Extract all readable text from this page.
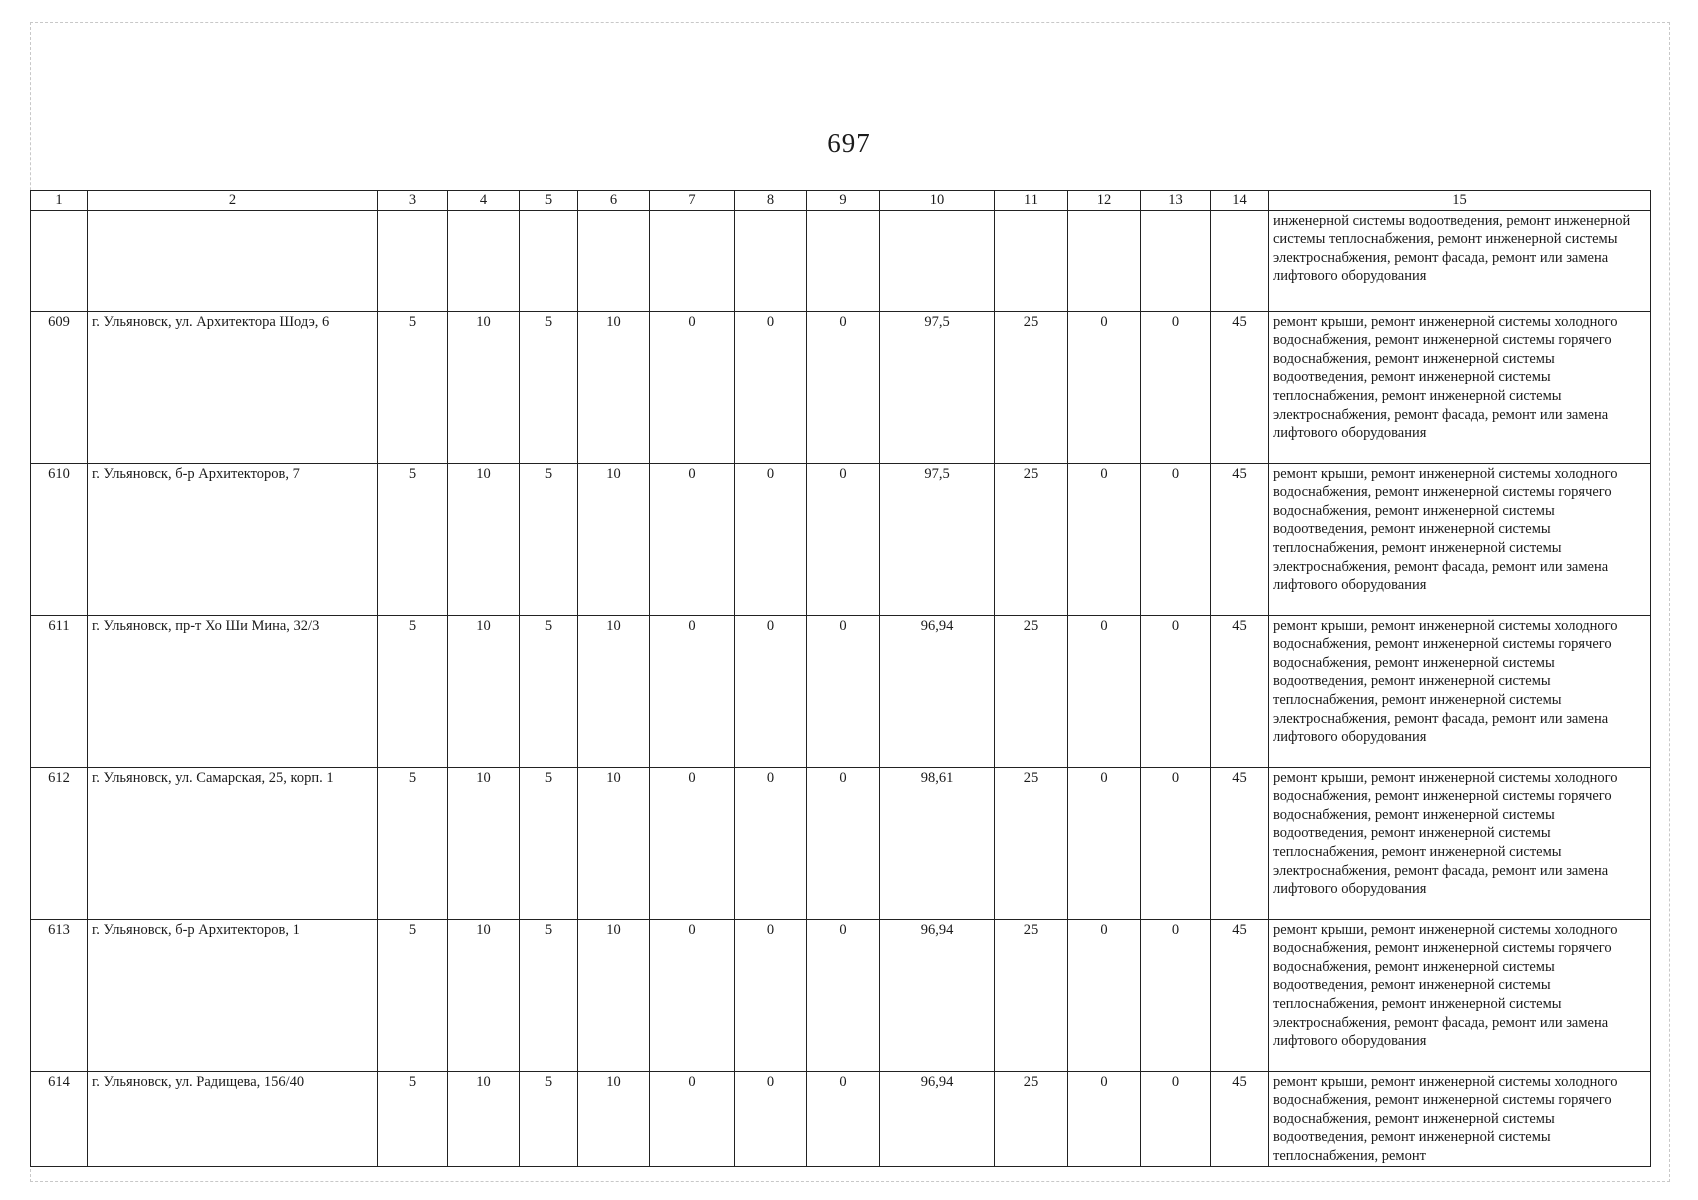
697
1	2	3	4	5	6	7	8	9	10	11	12	13	14	15
														инженерной системы водоотведения, ремонт инженерной системы теплоснабжения, ремонт инженерной системы электроснабжения, ремонт фасада, ремонт или замена лифтового оборудования
609	г. Ульяновск, ул. Архитектора Шодэ, 6	5	10	5	10	0	0	0	97,5	25	0	0	45	ремонт крыши, ремонт инженерной системы холодного водоснабжения, ремонт инженерной системы горячего водоснабжения, ремонт инженерной системы водоотведения, ремонт инженерной системы теплоснабжения, ремонт инженерной системы электроснабжения, ремонт фасада, ремонт или замена лифтового оборудования
610	г. Ульяновск, б-р Архитекторов, 7	5	10	5	10	0	0	0	97,5	25	0	0	45	ремонт крыши, ремонт инженерной системы холодного водоснабжения, ремонт инженерной системы горячего водоснабжения, ремонт инженерной системы водоотведения, ремонт инженерной системы теплоснабжения, ремонт инженерной системы электроснабжения, ремонт фасада, ремонт или замена лифтового оборудования
611	г. Ульяновск, пр-т Хо Ши Мина, 32/3	5	10	5	10	0	0	0	96,94	25	0	0	45	ремонт крыши, ремонт инженерной системы холодного водоснабжения, ремонт инженерной системы горячего водоснабжения, ремонт инженерной системы водоотведения, ремонт инженерной системы теплоснабжения, ремонт инженерной системы электроснабжения, ремонт фасада, ремонт или замена лифтового оборудования
612	г. Ульяновск, ул. Самарская, 25, корп. 1	5	10	5	10	0	0	0	98,61	25	0	0	45	ремонт крыши, ремонт инженерной системы холодного водоснабжения, ремонт инженерной системы горячего водоснабжения, ремонт инженерной системы водоотведения, ремонт инженерной системы теплоснабжения, ремонт инженерной системы электроснабжения, ремонт фасада, ремонт или замена лифтового оборудования
613	г. Ульяновск, б-р Архитекторов, 1	5	10	5	10	0	0	0	96,94	25	0	0	45	ремонт крыши, ремонт инженерной системы холодного водоснабжения, ремонт инженерной системы горячего водоснабжения, ремонт инженерной системы водоотведения, ремонт инженерной системы теплоснабжения, ремонт инженерной системы электроснабжения, ремонт фасада, ремонт или замена лифтового оборудования
614	г. Ульяновск, ул. Радищева, 156/40	5	10	5	10	0	0	0	96,94	25	0	0	45	ремонт крыши, ремонт инженерной системы холодного водоснабжения, ремонт инженерной системы горячего водоснабжения, ремонт инженерной системы водоотведения, ремонт инженерной системы теплоснабжения, ремонт
